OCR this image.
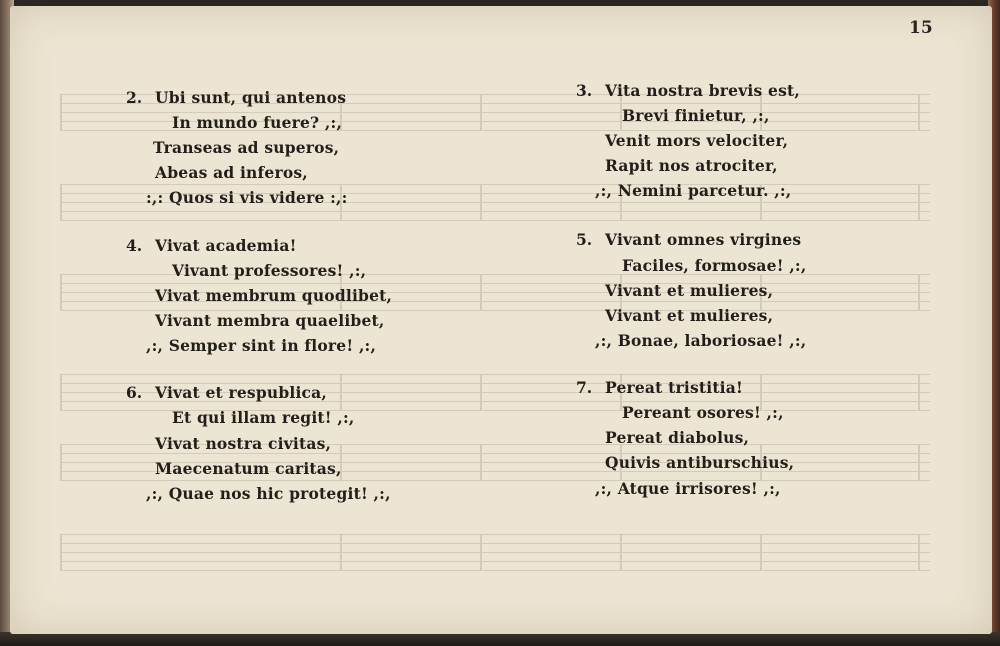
15
2. Ubi sunt, qui antenos
In mundo fuere? ,:,
Transeas ad superos,
Abeas ad inferos,
:,: Quos si vis videre :,:
4. Vivat academia!
Vivant professores! ,:,
Vivat membrum quodlibet,
Vivant membra quaelibet,
,:, Semper sint in flore! ,:,
6. Vivat et respublica,
Et qui illam regit! ,:,
Vivat nostra civitas,
Maecenatum caritas,
,:, Quae nos hic protegit! ,:,
3. Vita nostra brevis est,
Brevi finietur, ,:,
Venit mors velociter,
Rapit nos atrociter,
,:, Nemini parcetur. ,:,
5. Vivant omnes virgines
Faciles, formosae! ,:,
Vivant et mulieres,
Vivant et mulieres,
,:, Bonae, laboriosae! ,:,
7. Pereat tristitia!
Pereant osores! ,:,
Pereat diabolus,
Quivis antiburschius,
,:, Atque irrisores! ,:,
